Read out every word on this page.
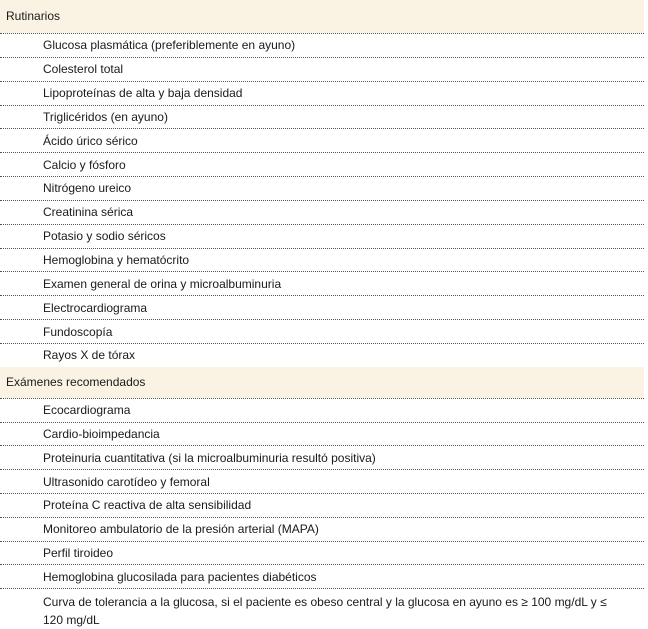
Rutinarios
Glucosa plasmática (preferiblemente en ayuno)
Colesterol total
Lipoproteínas de alta y baja densidad
Triglicéridos (en ayuno)
Ácido úrico sérico
Calcio y fósforo
Nitrógeno ureico
Creatinina sérica
Potasio y sodio séricos
Hemoglobina y hematócrito
Examen general de orina y microalbuminuria
Electrocardiograma
Fundoscopía
Rayos X de tórax
Exámenes recomendados
Ecocardiograma
Cardio-bioimpedancia
Proteinuria cuantitativa (si la microalbuminuria resultó positiva)
Ultrasonido carotídeo y femoral
Proteína C reactiva de alta sensibilidad
Monitoreo ambulatorio de la presión arterial (MAPA)
Perfil tiroideo
Hemoglobina glucosilada para pacientes diabéticos
Curva de tolerancia a la glucosa, si el paciente es obeso central y la glucosa en ayuno es ≥ 100 mg/dL y ≤ 120 mg/dL
